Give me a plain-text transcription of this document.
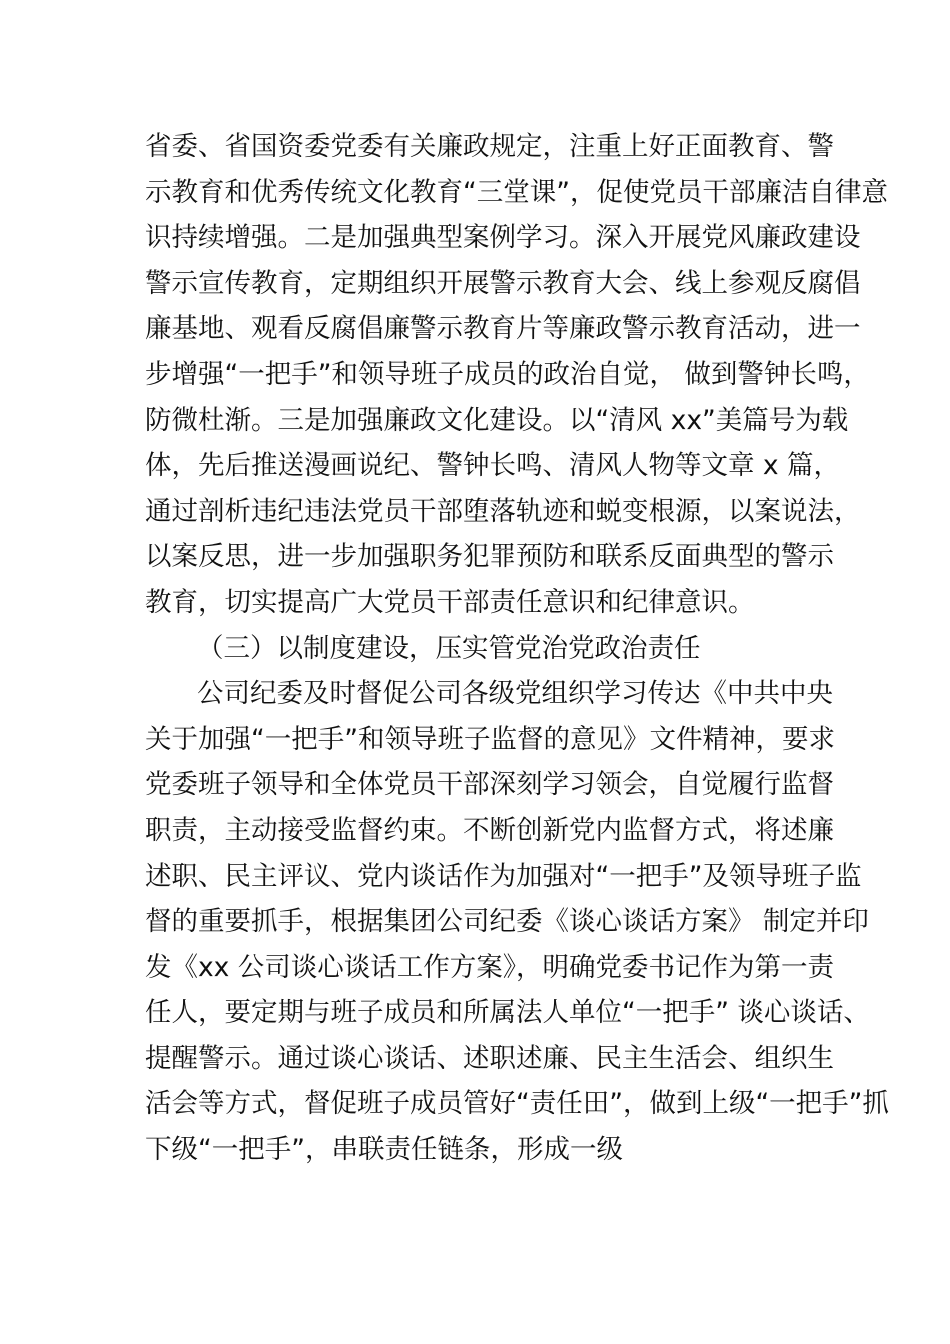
省委、省国资委党委有关廉政规定，注重上好正面教育、警
示教育和优秀传统文化教育“三堂课”，促使党员干部廉洁自律意
识持续增强。二是加强典型案例学习。深入开展党风廉政建设
警示宣传教育，定期组织开展警示教育大会、线上参观反腐倡
廉基地、观看反腐倡廉警示教育片等廉政警示教育活动，进一
步增强“一把手”和领导班子成员的政治自觉， 做到警钟长鸣，
防微杜渐。三是加强廉政文化建设。以“清风 xx”美篇号为载
体，先后推送漫画说纪、警钟长鸣、清风人物等文章 x 篇，
通过剖析违纪违法党员干部堕落轨迹和蜕变根源，以案说法，
以案反思，进一步加强职务犯罪预防和联系反面典型的警示
教育，切实提高广大党员干部责任意识和纪律意识。
（三）以制度建设，压实管党治党政治责任
公司纪委及时督促公司各级党组织学习传达《中共中央
关于加强“一把手”和领导班子监督的意见》文件精神，要求
党委班子领导和全体党员干部深刻学习领会，自觉履行监督
职责，主动接受监督约束。不断创新党内监督方式，将述廉
述职、民主评议、党内谈话作为加强对“一把手”及领导班子监
督的重要抓手，根据集团公司纪委《谈心谈话方案》 制定并印
发《xx 公司谈心谈话工作方案》，明确党委书记作为第一责
任人，要定期与班子成员和所属法人单位“一把手” 谈心谈话、
提醒警示。通过谈心谈话、述职述廉、民主生活会、组织生
活会等方式，督促班子成员管好“责任田”，做到上级“一把手”抓
下级“一把手”，串联责任链条，形成一级
